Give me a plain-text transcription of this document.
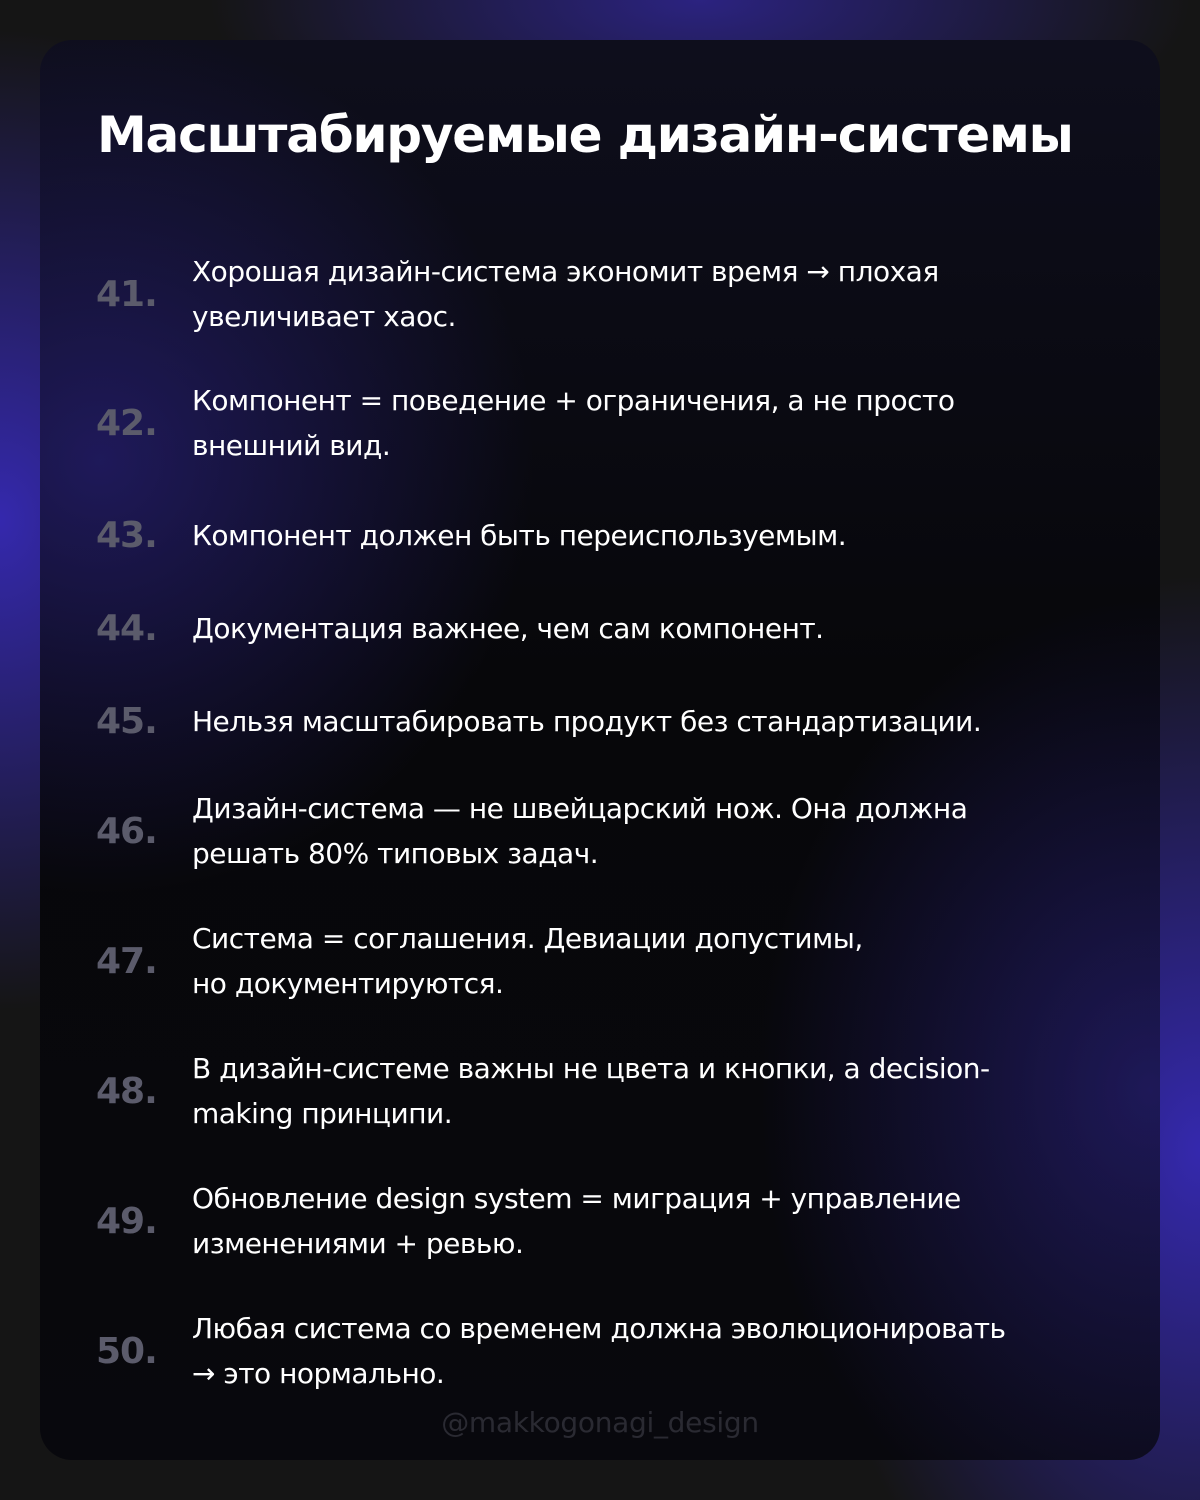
Масштабируемые дизайн-системы
41.
Хорошая дизайн-система экономит время → плохая
увеличивает хаос.
42.
Компонент = поведение + ограничения, а не просто
внешний вид.
43.	Компонент должен быть переиспользуемым.
44.	Документация важнее, чем сам компонент.
45.	Нельзя масштабировать продукт без стандартизации.
46.
Дизайн-система — не швейцарский нож. Она должна
решать 80% типовых задач.
47.
Система = соглашения. Девиации допустимы,
но документируются.
48.
В дизайн-системе важны не цвета и кнопки, а decision-
making принципи.
49.
Обновление design system = миграция + управление
изменениями + ревью.
50.
Любая система со временем должна эволюционировать
→ это нормально.
@makkogonagi_design
